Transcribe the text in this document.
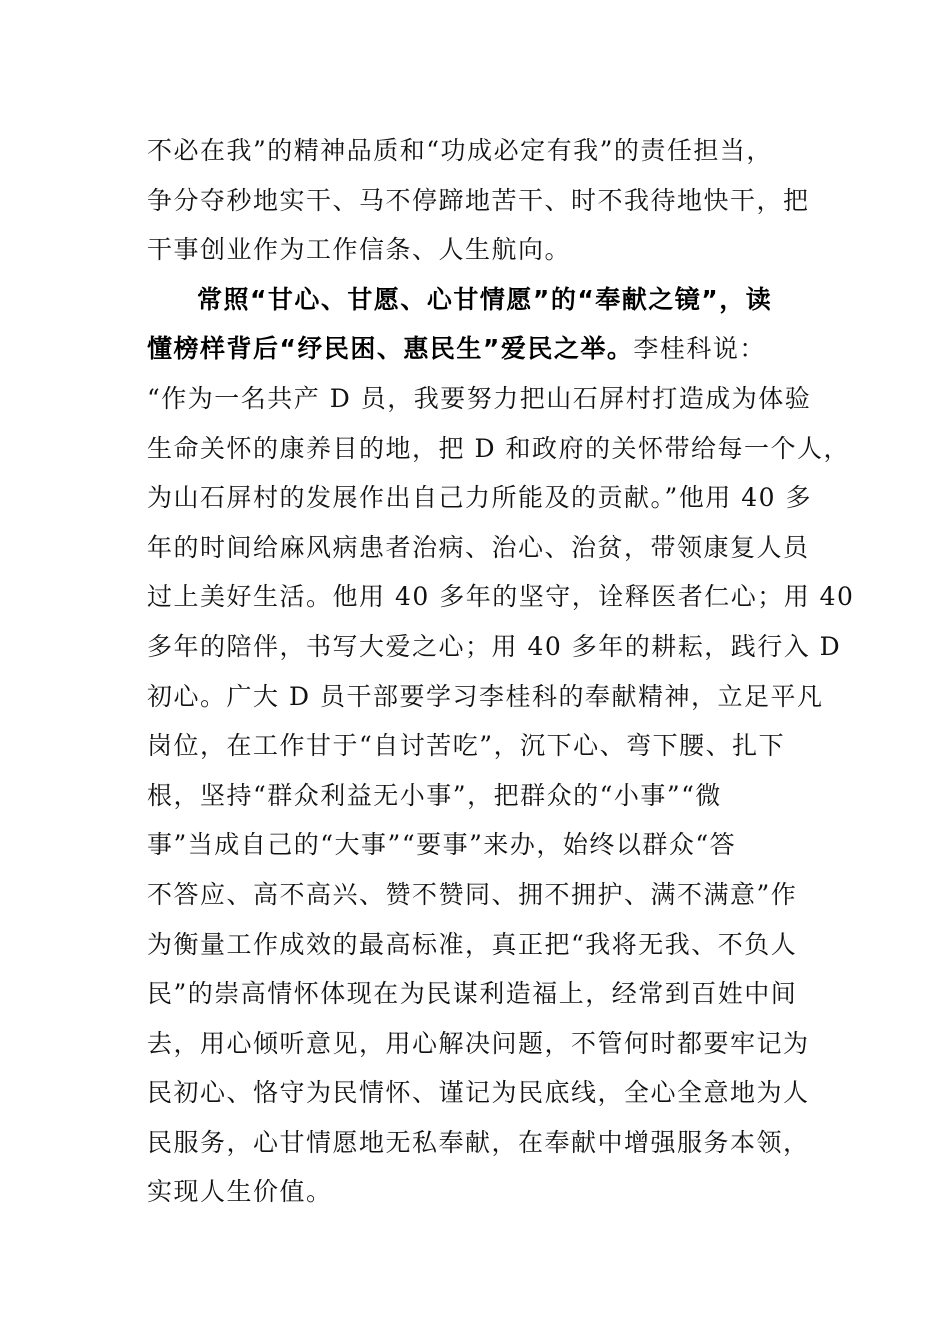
不必在我”的精神品质和“功成必定有我”的责任担当，
争分夺秒地实干、马不停蹄地苦干、时不我待地快干，把
干事创业作为工作信条、人生航向。
常照“甘心、甘愿、心甘情愿”的“奉献之镜”，读
懂榜样背后“纾民困、惠民生”爱民之举。李桂科说：
“作为一名共产 D 员，我要努力把山石屏村打造成为体验
生命关怀的康养目的地，把 D 和政府的关怀带给每一个人，
为山石屏村的发展作出自己力所能及的贡献。”他用 40 多
年的时间给麻风病患者治病、治心、治贫，带领康复人员
过上美好生活。他用 40 多年的坚守，诠释医者仁心；用 40
多年的陪伴，书写大爱之心；用 40 多年的耕耘，践行入 D
初心。广大 D 员干部要学习李桂科的奉献精神，立足平凡
岗位，在工作甘于“自讨苦吃”，沉下心、弯下腰、扎下
根，坚持“群众利益无小事”，把群众的“小事”“微
事”当成自己的“大事”“要事”来办，始终以群众“答
不答应、高不高兴、赞不赞同、拥不拥护、满不满意”作
为衡量工作成效的最高标准，真正把“我将无我、不负人
民”的崇高情怀体现在为民谋利造福上，经常到百姓中间
去，用心倾听意见，用心解决问题，不管何时都要牢记为
民初心、恪守为民情怀、谨记为民底线，全心全意地为人
民服务，心甘情愿地无私奉献，在奉献中增强服务本领，
实现人生价值。
